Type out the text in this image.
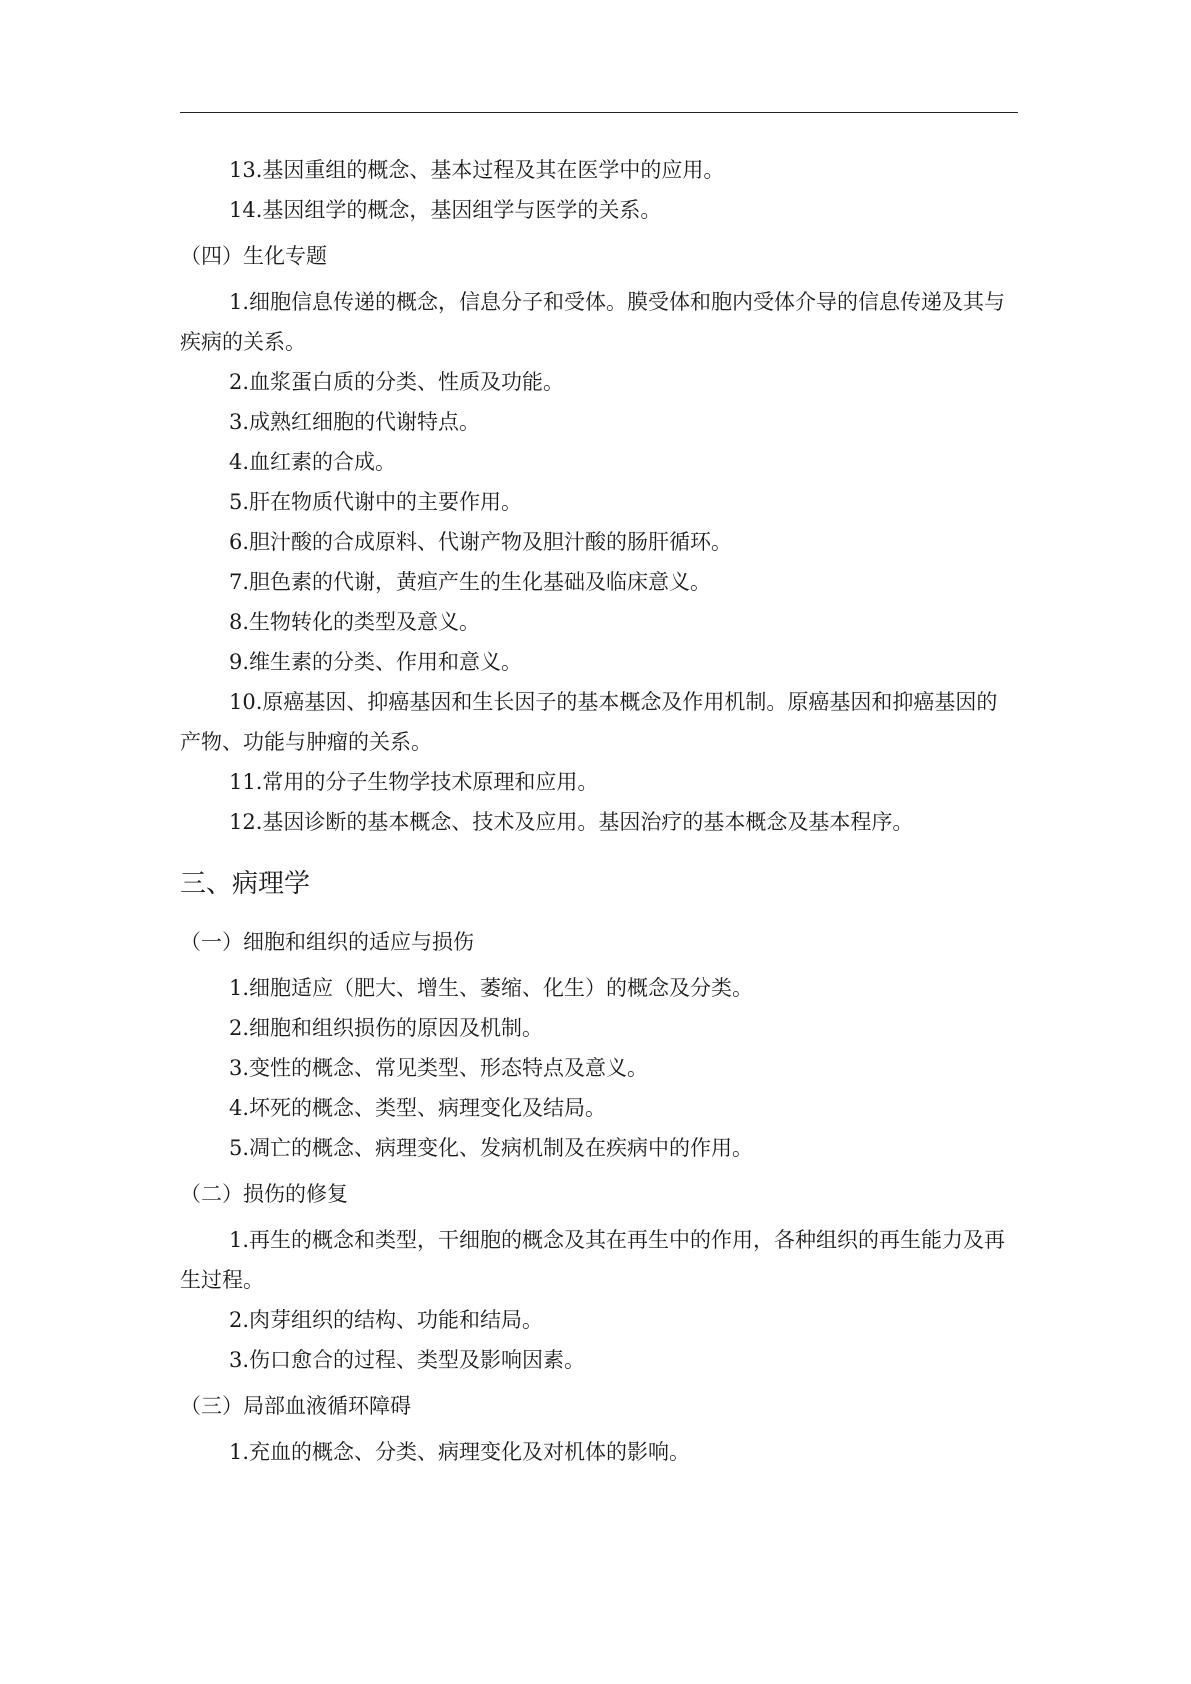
13.基因重组的概念、基本过程及其在医学中的应用。

14.基因组学的概念，基因组学与医学的关系。

（四）生化专题

1.细胞信息传递的概念，信息分子和受体。膜受体和胞内受体介导的信息传递及其与疾病的关系。

2.血浆蛋白质的分类、性质及功能。

3.成熟红细胞的代谢特点。

4.血红素的合成。

5.肝在物质代谢中的主要作用。

6.胆汁酸的合成原料、代谢产物及胆汁酸的肠肝循环。

7.胆色素的代谢，黄疸产生的生化基础及临床意义。

8.生物转化的类型及意义。

9.维生素的分类、作用和意义。

10.原癌基因、抑癌基因和生长因子的基本概念及作用机制。原癌基因和抑癌基因的产物、功能与肿瘤的关系。

11.常用的分子生物学技术原理和应用。

12.基因诊断的基本概念、技术及应用。基因治疗的基本概念及基本程序。

三、病理学

（一）细胞和组织的适应与损伤

1.细胞适应（肥大、增生、萎缩、化生）的概念及分类。

2.细胞和组织损伤的原因及机制。

3.变性的概念、常见类型、形态特点及意义。

4.坏死的概念、类型、病理变化及结局。

5.凋亡的概念、病理变化、发病机制及在疾病中的作用。

（二）损伤的修复

1.再生的概念和类型，干细胞的概念及其在再生中的作用，各种组织的再生能力及再生过程。

2.肉芽组织的结构、功能和结局。

3.伤口愈合的过程、类型及影响因素。

（三）局部血液循环障碍

1.充血的概念、分类、病理变化及对机体的影响。
